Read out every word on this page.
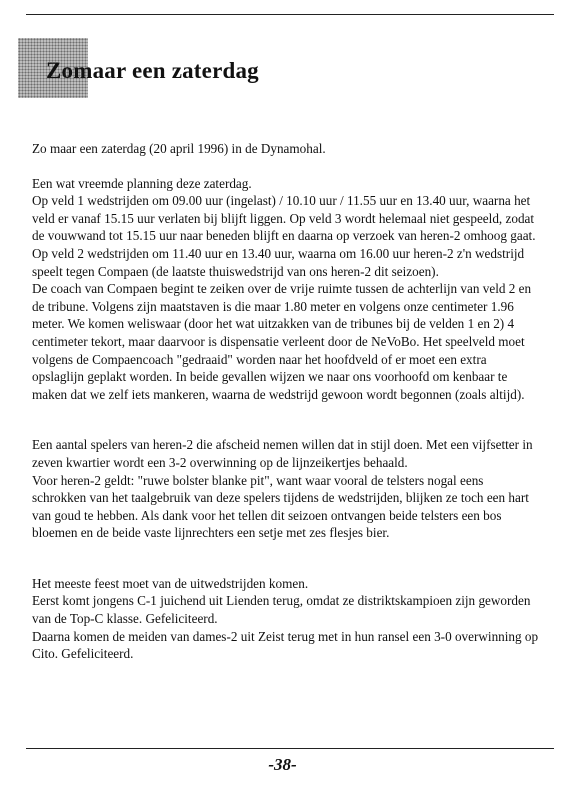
Zomaar een zaterdag

Zo maar een zaterdag (20 april 1996) in de Dynamohal.

Een wat vreemde planning deze zaterdag.

Op veld 1 wedstrijden om 09.00 uur (ingelast) / 10.10 uur / 11.55 uur en 13.40 uur, waarna het veld er vanaf 15.15 uur verlaten bij blijft liggen. Op veld 3 wordt helemaal niet gespeeld, zodat de vouwwand tot 15.15 uur naar beneden blijft en daarna op verzoek van heren-2 omhoog gaat. Op veld 2 wedstrijden om 11.40 uur en 13.40 uur, waarna om 16.00 uur heren-2 z'n wedstrijd speelt tegen Compaen (de laatste thuiswedstrijd van ons heren-2 dit seizoen).

De coach van Compaen begint te zeiken over de vrije ruimte tussen de achterlijn van veld 2 en de tribune. Volgens zijn maatstaven is die maar 1.80 meter en volgens onze centimeter 1.96 meter. We komen weliswaar (door het wat uitzakken van de tribunes bij de velden 1 en 2) 4 centimeter tekort, maar daarvoor is dispensatie verleent door de NeVoBo. Het speelveld moet volgens de Compaencoach "gedraaid" worden naar het hoofdveld of er moet een extra opslaglijn geplakt worden. In beide gevallen wijzen we naar ons voorhoofd om kenbaar te maken dat we zelf iets mankeren, waarna de wedstrijd gewoon wordt begonnen (zoals altijd).

Een aantal spelers van heren-2 die afscheid nemen willen dat in stijl doen. Met een vijfsetter in zeven kwartier wordt een 3-2 overwinning op de lijnzeikertjes behaald.

Voor heren-2 geldt: "ruwe bolster blanke pit", want waar vooral de telsters nogal eens schrokken van het taalgebruik van deze spelers tijdens de wedstrijden, blijken ze toch een hart van goud te hebben. Als dank voor het tellen dit seizoen ontvangen beide telsters een bos bloemen en de beide vaste lijnrechters een setje met zes flesjes bier.

Het meeste feest moet van de uitwedstrijden komen.

Eerst komt jongens C-1 juichend uit Lienden terug, omdat ze distriktskampioen zijn geworden van de Top-C klasse. Gefeliciteerd.

Daarna komen de meiden van dames-2 uit Zeist terug met in hun ransel een 3-0 overwinning op Cito. Gefeliciteerd.

-38-
